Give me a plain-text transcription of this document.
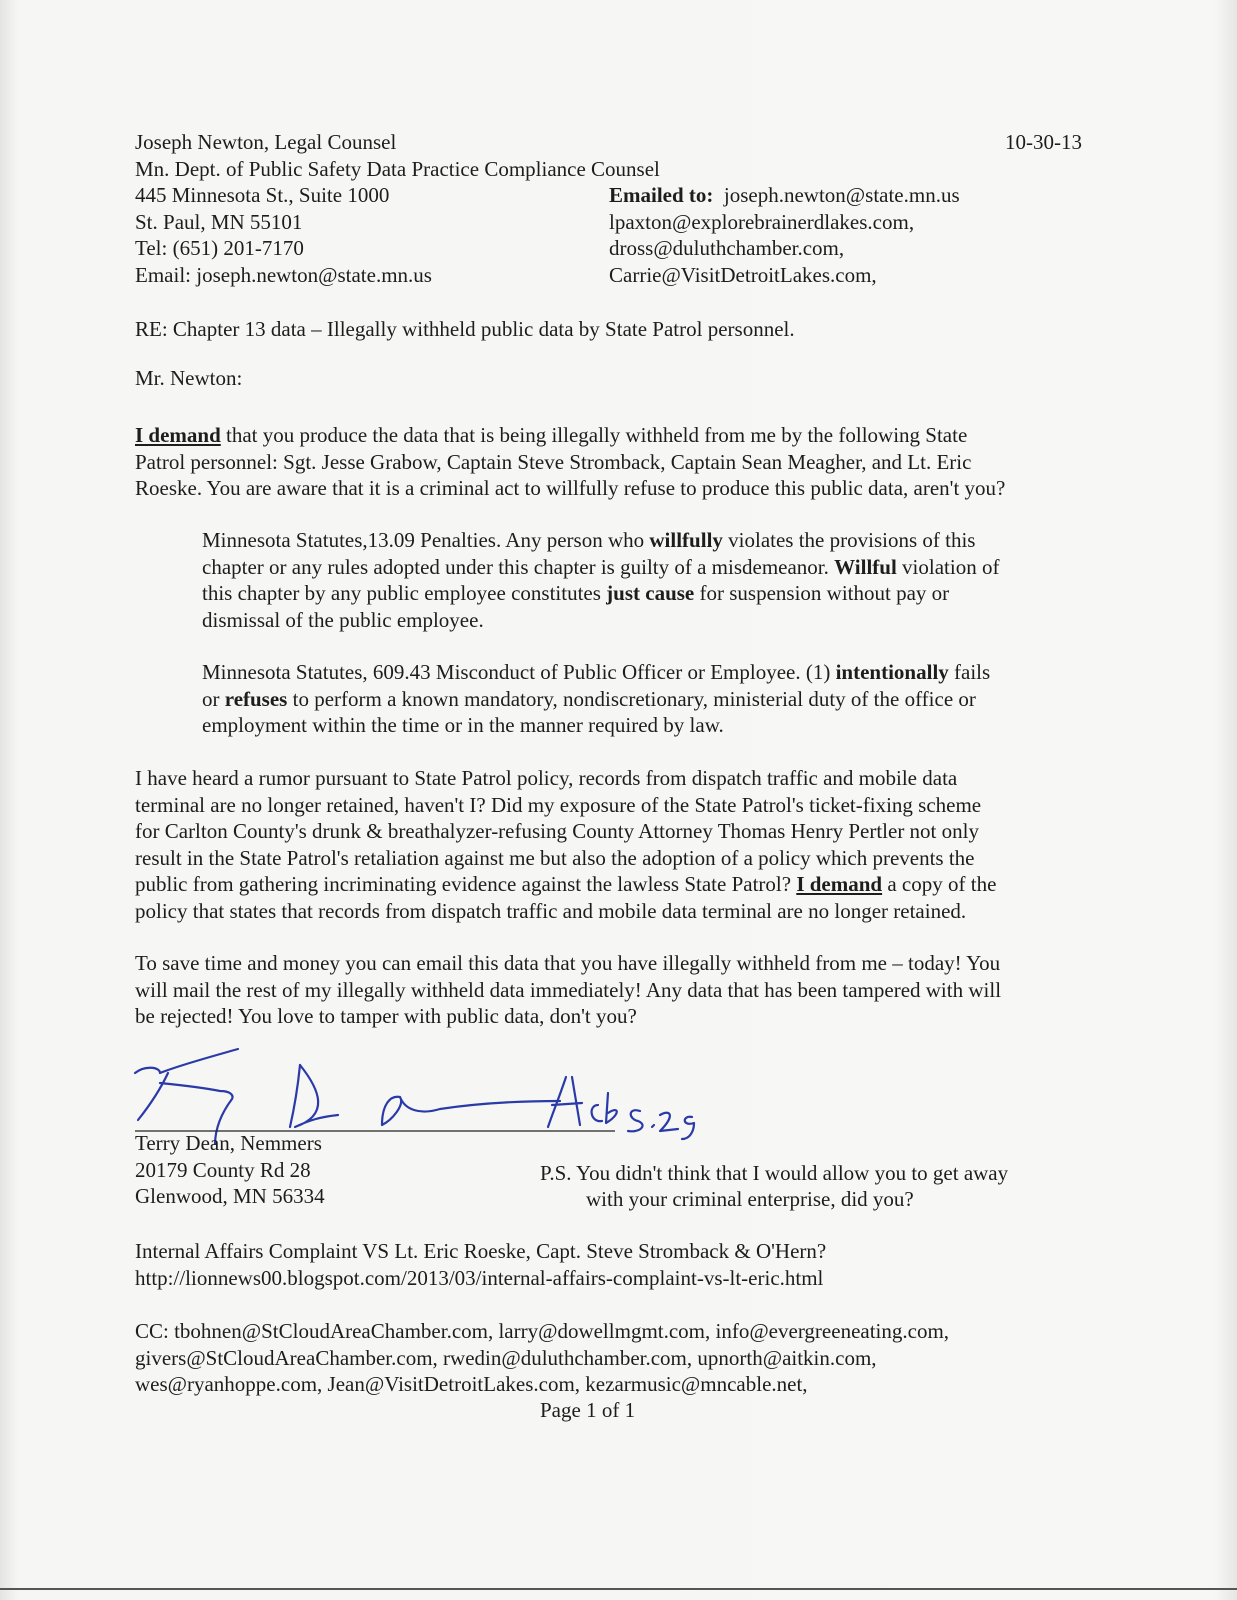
Joseph Newton, Legal Counsel
Mn. Dept. of Public Safety Data Practice Compliance Counsel
445 Minnesota St., Suite 1000
St. Paul, MN 55101
Tel: (651) 201-7170
Email: joseph.newton@state.mn.us
10-30-13
Emailed to: joseph.newton@state.mn.us
lpaxton@explorebrainerdlakes.com,
dross@duluthchamber.com,
Carrie@VisitDetroitLakes.com,
RE: Chapter 13 data – Illegally withheld public data by State Patrol personnel.
Mr. Newton:
I demand that you produce the data that is being illegally withheld from me by the following State
Patrol personnel: Sgt. Jesse Grabow, Captain Steve Stromback, Captain Sean Meagher, and Lt. Eric
Roeske. You are aware that it is a criminal act to willfully refuse to produce this public data, aren't you?
Minnesota Statutes,13.09 Penalties. Any person who willfully violates the provisions of this
chapter or any rules adopted under this chapter is guilty of a misdemeanor. Willful violation of
this chapter by any public employee constitutes just cause for suspension without pay or
dismissal of the public employee.
Minnesota Statutes, 609.43 Misconduct of Public Officer or Employee. (1) intentionally fails
or refuses to perform a known mandatory, nondiscretionary, ministerial duty of the office or
employment within the time or in the manner required by law.
I have heard a rumor pursuant to State Patrol policy, records from dispatch traffic and mobile data
terminal are no longer retained, haven't I? Did my exposure of the State Patrol's ticket-fixing scheme
for Carlton County's drunk & breathalyzer-refusing County Attorney Thomas Henry Pertler not only
result in the State Patrol's retaliation against me but also the adoption of a policy which prevents the
public from gathering incriminating evidence against the lawless State Patrol? I demand a copy of the
policy that states that records from dispatch traffic and mobile data terminal are no longer retained.
To save time and money you can email this data that you have illegally withheld from me – today! You
will mail the rest of my illegally withheld data immediately! Any data that has been tampered with will
be rejected! You love to tamper with public data, don't you?
Terry Dean, Nemmers
20179 County Rd 28
Glenwood, MN 56334
P.S. You didn't think that I would allow you to get away
with your criminal enterprise, did you?
Internal Affairs Complaint VS Lt. Eric Roeske, Capt. Steve Stromback & O'Hern?
http://lionnews00.blogspot.com/2013/03/internal-affairs-complaint-vs-lt-eric.html
CC: tbohnen@StCloudAreaChamber.com, larry@dowellmgmt.com, info@evergreeneating.com,
givers@StCloudAreaChamber.com, rwedin@duluthchamber.com, upnorth@aitkin.com,
wes@ryanhoppe.com, Jean@VisitDetroitLakes.com, kezarmusic@mncable.net,
Page 1 of 1
